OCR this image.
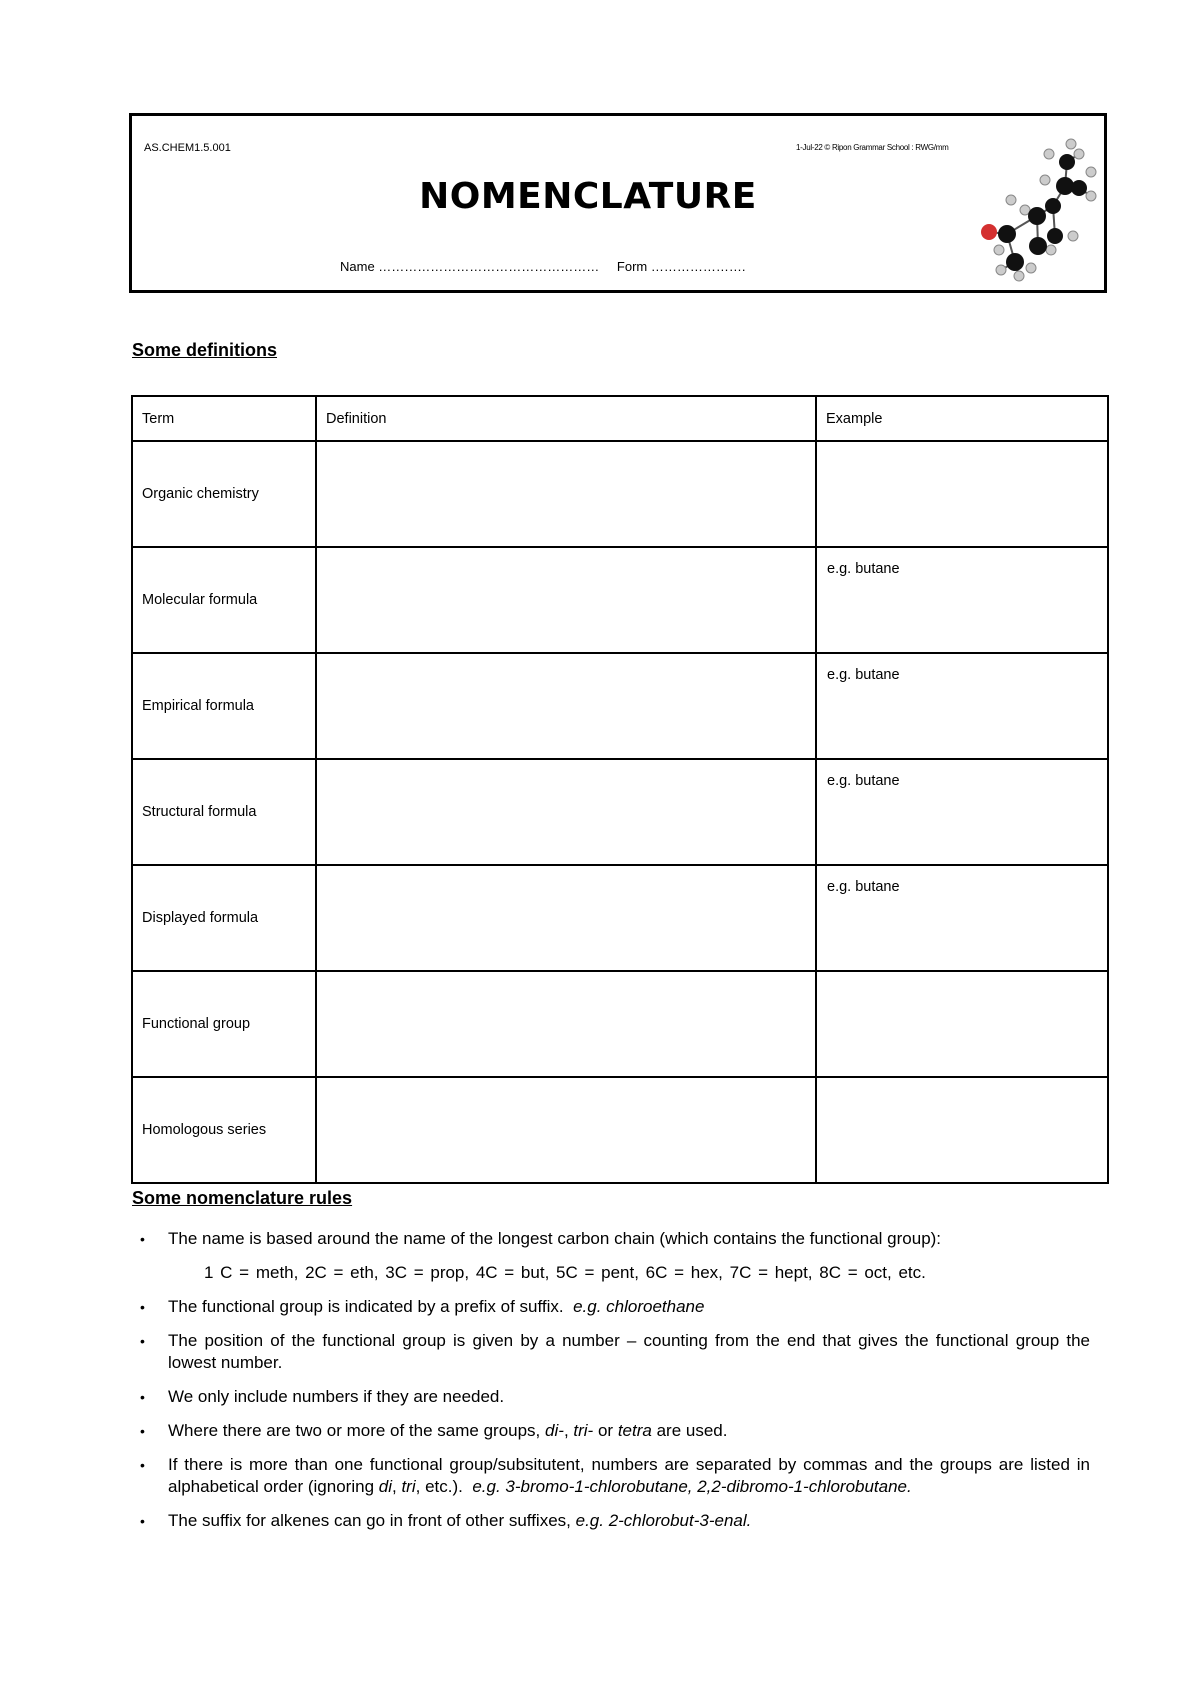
AS.CHEM1.5.001	1-Jul-22 © Ripon Grammar School : RWG/mm
NOMENCLATURE
Name …………………………………………… Form ………………….
Some definitions
Term	Definition	Example
Organic chemistry		

Molecular formula		e.g. butane

Empirical formula		e.g. butane

Structural formula		e.g. butane

Displayed formula		e.g. butane

Functional group		

Homologous series		
Some nomenclature rules
• The name is based around the name of the longest carbon chain (which contains the functional group):
1 C = meth, 2C = eth, 3C = prop, 4C = but, 5C = pent, 6C = hex, 7C = hept, 8C = oct, etc.
• The functional group is indicated by a prefix of suffix. e.g. chloroethane
• The position of the functional group is given by a number – counting from the end that gives the functional group the lowest number.
• We only include numbers if they are needed.
• Where there are two or more of the same groups, di-, tri- or tetra are used.
• If there is more than one functional group/subsitutent, numbers are separated by commas and the groups are listed in alphabetical order (ignoring di, tri, etc.). e.g. 3-bromo-1-chlorobutane, 2,2-dibromo-1-chlorobutane.
• The suffix for alkenes can go in front of other suffixes, e.g. 2-chlorobut-3-enal.
